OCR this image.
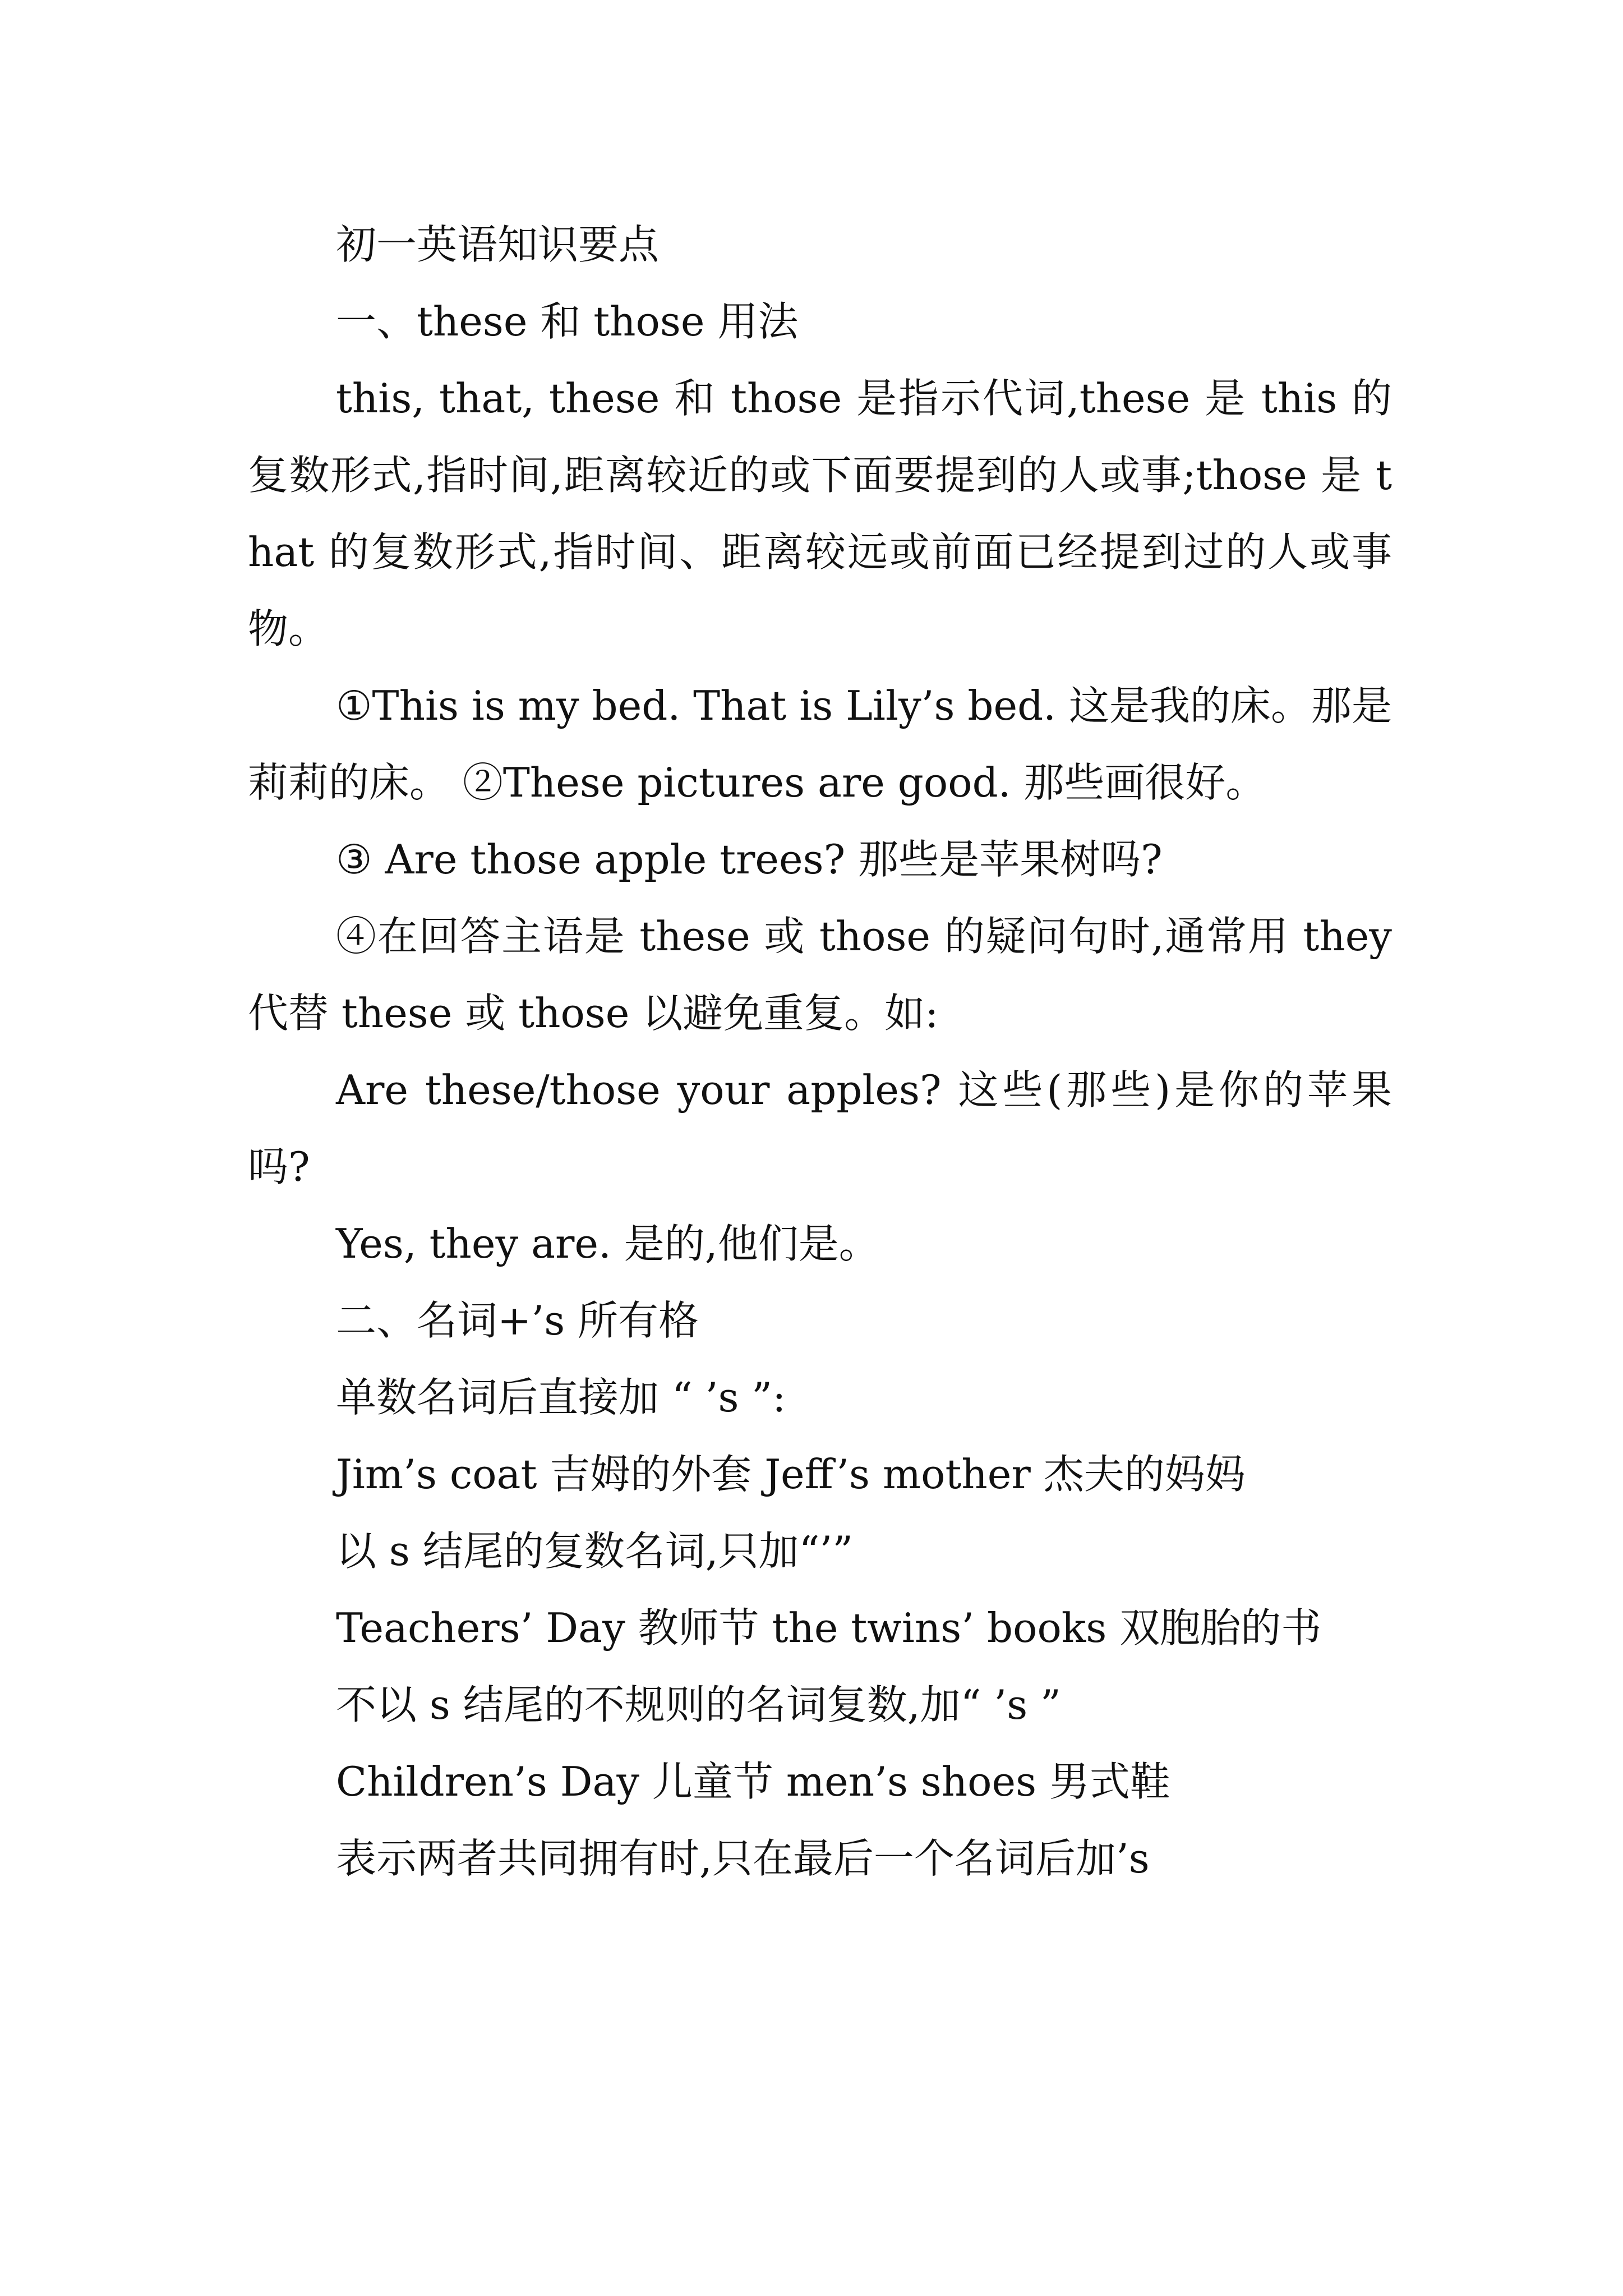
初一英语知识要点

一、these 和 those 用法

this, that, these 和 those 是指示代词,these 是 this 的复数形式,指时间,距离较近的或下面要提到的人或事;those 是 that 的复数形式,指时间、距离较远或前面已经提到过的人或事物。

①This is my bed. That is Lily’s bed. 这是我的床。那是莉莉的床。 ②These pictures are good. 那些画很好。

③ Are those apple trees? 那些是苹果树吗?

④在回答主语是 these 或 those 的疑问句时,通常用 they 代替 these 或 those 以避免重复。如:

Are these/those your apples? 这些(那些)是你的苹果吗?

Yes, they are. 是的,他们是。

二、名词+’s 所有格

单数名词后直接加 “ ’s ”:

Jim’s coat 吉姆的外套 Jeff’s mother 杰夫的妈妈

以 s 结尾的复数名词,只加“’”

Teachers’ Day 教师节 the twins’ books 双胞胎的书

不以 s 结尾的不规则的名词复数,加“ ’s ”

Children’s Day 儿童节 men’s shoes 男式鞋

表示两者共同拥有时,只在最后一个名词后加’s
